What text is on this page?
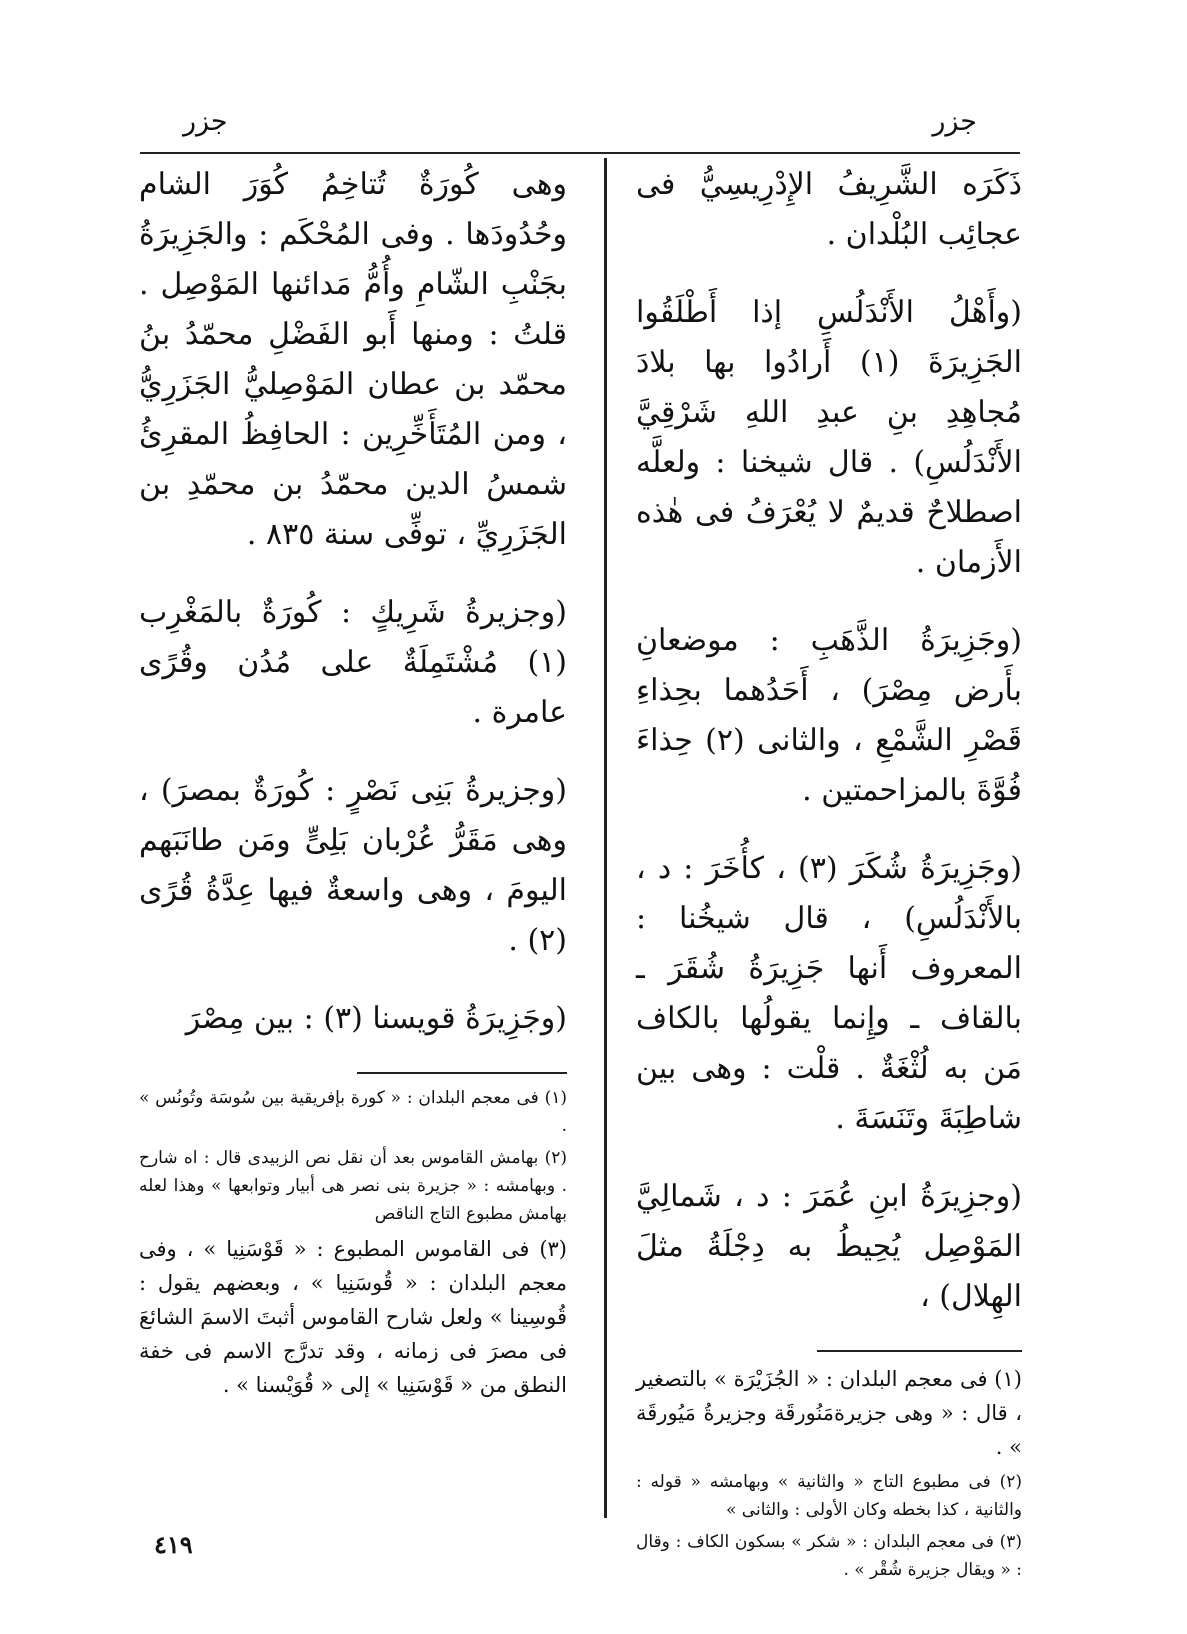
جزر
جزر

ذَكَرَه الشَّرِيفُ الإِدْرِيسِيُّ فى عجائِب البُلْدان .

(وأَهْلُ الأَنْدَلُسِ إذا أَطْلَقُوا الجَزِيرَةَ (١) أَرادُوا بها بلادَ مُجاهِدِ بنِ عبدِ اللهِ شَرْقِيَّ الأَنْدَلُسِ) . قال شيخنا : ولعلَّه اصطلاحٌ قديمٌ لا يُعْرَفُ فى هٰذه الأَزمان .

(وجَزِيرَةُ الذَّهَبِ : موضعانِ بأَرض مِصْرَ) ، أَحَدُهما بحِذاءِ قَصْرِ الشَّمْعِ ، والثانى (٢) حِذاءَ فُوَّةَ بالمزاحمتين .

(وجَزِيرَةُ شُكَرَ (٣) ، كأُخَرَ : د ، بالأَنْدَلُسِ) ، قال شيخُنا : المعروف أَنها جَزِيرَةُ شُقَرَ ـ بالقاف ـ وإِنما يقولُها بالكاف مَن به لُثْغَةٌ . قلْت : وهى بين شاطِبَةَ وتَنَسَةَ .

(وجزِيرَةُ ابنِ عُمَرَ : د ، شَمالِيَّ المَوْصِل يُحِيطُ به دِجْلَةُ مثلَ الهِلال) ،

(١) فى معجم البلدان : « الجُزَيْرَة » بالتصغير ، قال : « وهى جزيرةمَنُورقَة وجزيرةُ مَيُورقَة » .

(٢) فى مطبوع التاج « والثانية » وبهامشه « قوله : والثانية ، كذا بخطه وكان الأولى : والثانى »

(٣) فى معجم البلدان : « شكر » بسكون الكاف : وقال : « ويقال جزيرة شُقْر » .

وهى كُورَةٌ تُتاخِمُ كُوَرَ الشام وحُدُودَها . وفى المُحْكَم : والجَزِيرَةُ بجَنْبِ الشّامِ وأُمُّ مَدائنها المَوْصِل . قلتُ : ومنها أَبو الفَضْلِ محمّدُ بنُ محمّد بن عطان المَوْصِليُّ الجَزَرِيُّ ، ومن المُتَأَخِّرِين : الحافِظُ المقرِئُ شمسُ الدين محمّدُ بن محمّدِ بن الجَزَرِيِّ ، توفِّى سنة ٨٣٥ .

(وجزيرةُ شَرِيكٍ : كُورَةٌ بالمَغْرِب (١) مُشْتَمِلَةٌ على مُدُن وقُرًى عامرة .

(وجزيرةُ بَنِى نَصْرٍ : كُورَةٌ بمصرَ) ، وهى مَقَرُّ عُرْبان بَلِىٍّ ومَن طانَبَهم اليومَ ، وهى واسعةٌ فيها عِدَّةُ قُرًى (٢) .

(وجَزِيرَةُ قويسنا (٣) : بين مِصْرَ

(١) فى معجم البلدان : « كورة بإفريقية بين سُوسَة وتُونُس » .

(٢) بهامش القاموس بعد أن نقل نص الزبيدى قال : اه شارح . وبهامشه : « جزيرة بنى نصر هى أبيار وتوابعها » وهذا لعله بهامش مطبوع التاج الناقص

(٣) فى القاموس المطبوع : « قَوْسَنِيا » ، وفى معجم البلدان : « قُوسَنِيا » ، وبعضهم يقول : قُوسِينا » ولعل شارح القاموس أثبتَ الاسمَ الشائعَ فى مصرَ فى زمانه ، وقد تدرَّج الاسم فى خفة النطق من « قَوْسَنِيا » إلى « قُوَيْسنا » .

٤١٩
